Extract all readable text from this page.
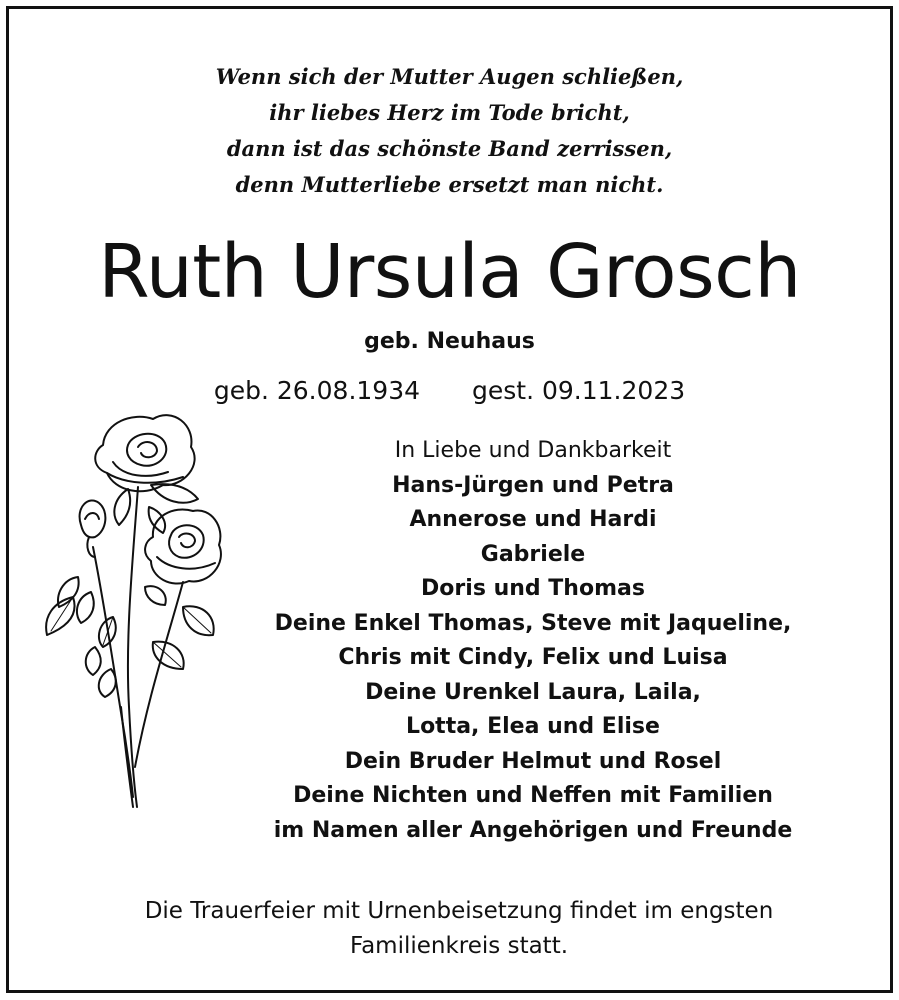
Wenn sich der Mutter Augen schließen,
ihr liebes Herz im Tode bricht,
dann ist das schönste Band zerrissen,
denn Mutterliebe ersetzt man nicht.
Ruth Ursula Grosch
geb. Neuhaus
geb. 26.08.1934 gest. 09.11.2023
In Liebe und Dankbarkeit
Hans-Jürgen und Petra
Annerose und Hardi
Gabriele
Doris und Thomas
Deine Enkel Thomas, Steve mit Jaqueline,
Chris mit Cindy, Felix und Luisa
Deine Urenkel Laura, Laila,
Lotta, Elea und Elise
Dein Bruder Helmut und Rosel
Deine Nichten und Neffen mit Familien
im Namen aller Angehörigen und Freunde
Die Trauerfeier mit Urnenbeisetzung findet im engsten
Familienkreis statt.
